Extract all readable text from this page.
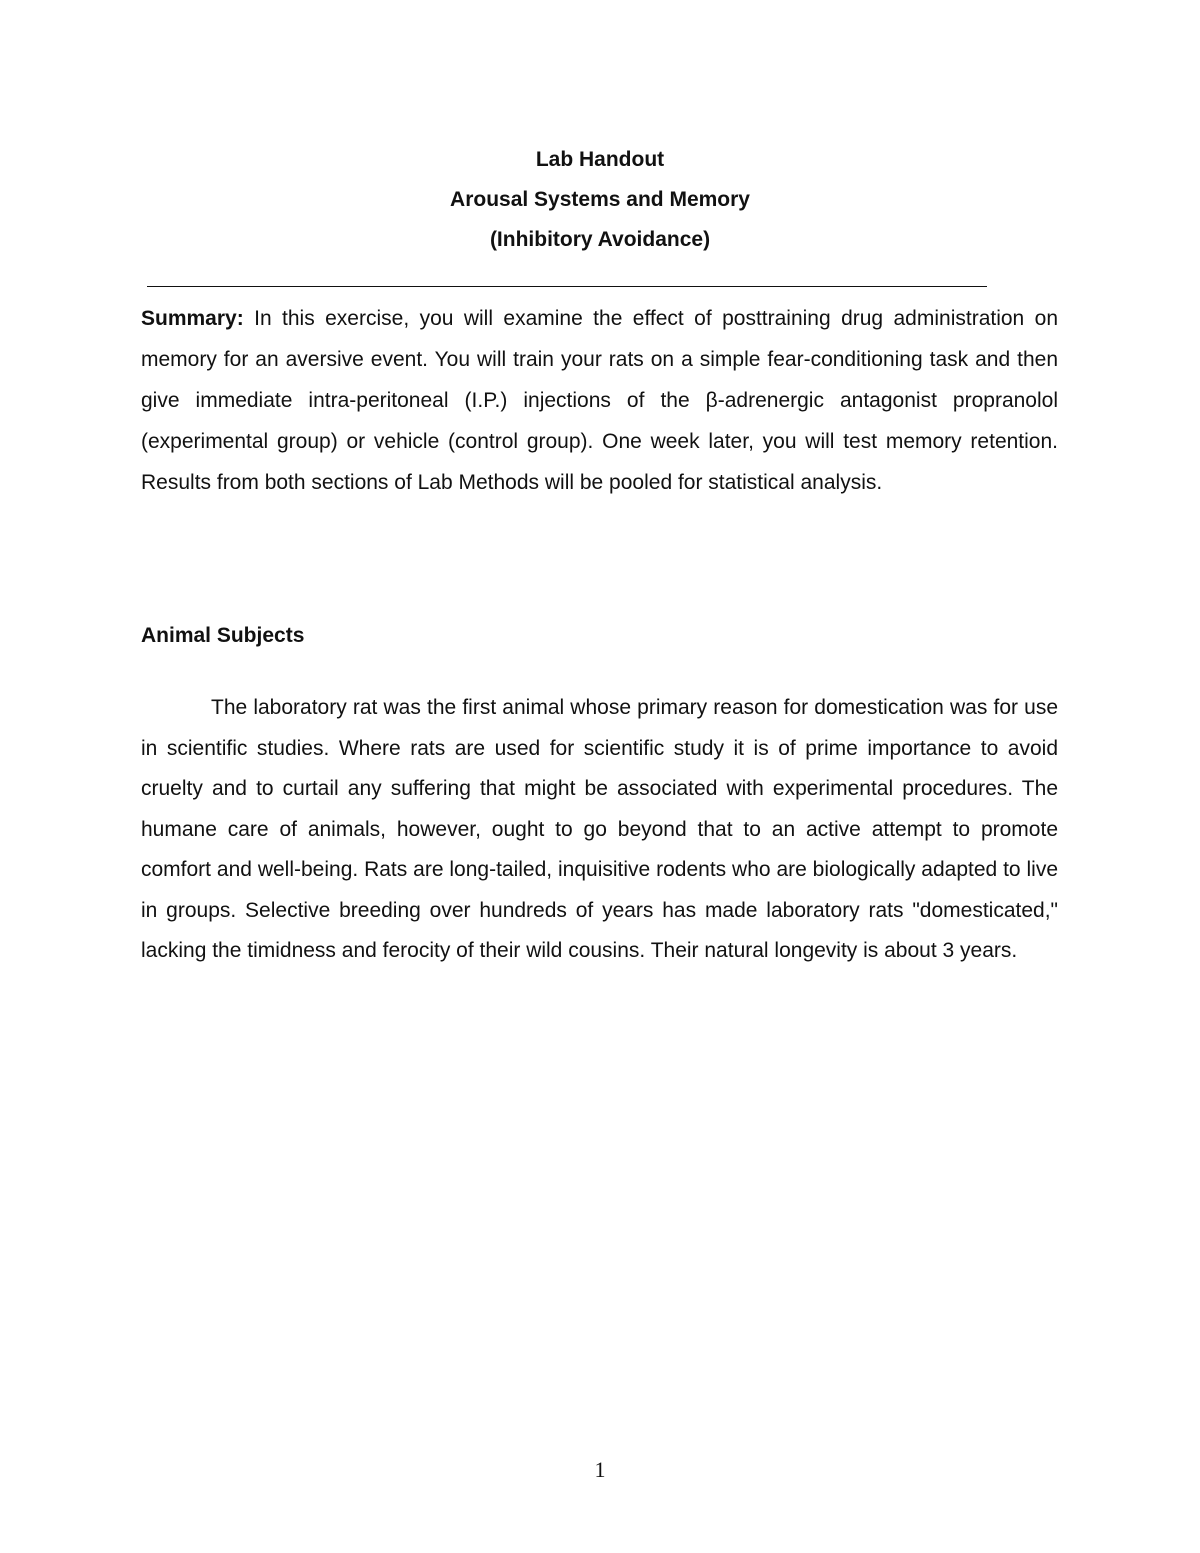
Lab Handout
Arousal Systems and Memory
(Inhibitory Avoidance)

Summary: In this exercise, you will examine the effect of posttraining drug administration on memory for an aversive event. You will train your rats on a simple fear-conditioning task and then give immediate intra-peritoneal (I.P.) injections of the β-adrenergic antagonist propranolol (experimental group) or vehicle (control group). One week later, you will test memory retention. Results from both sections of Lab Methods will be pooled for statistical analysis.

Animal Subjects

The laboratory rat was the first animal whose primary reason for domestication was for use in scientific studies. Where rats are used for scientific study it is of prime importance to avoid cruelty and to curtail any suffering that might be associated with experimental procedures. The humane care of animals, however, ought to go beyond that to an active attempt to promote comfort and well-being. Rats are long-tailed, inquisitive rodents who are biologically adapted to live in groups. Selective breeding over hundreds of years has made laboratory rats "domesticated," lacking the timidness and ferocity of their wild cousins. Their natural longevity is about 3 years.

1
